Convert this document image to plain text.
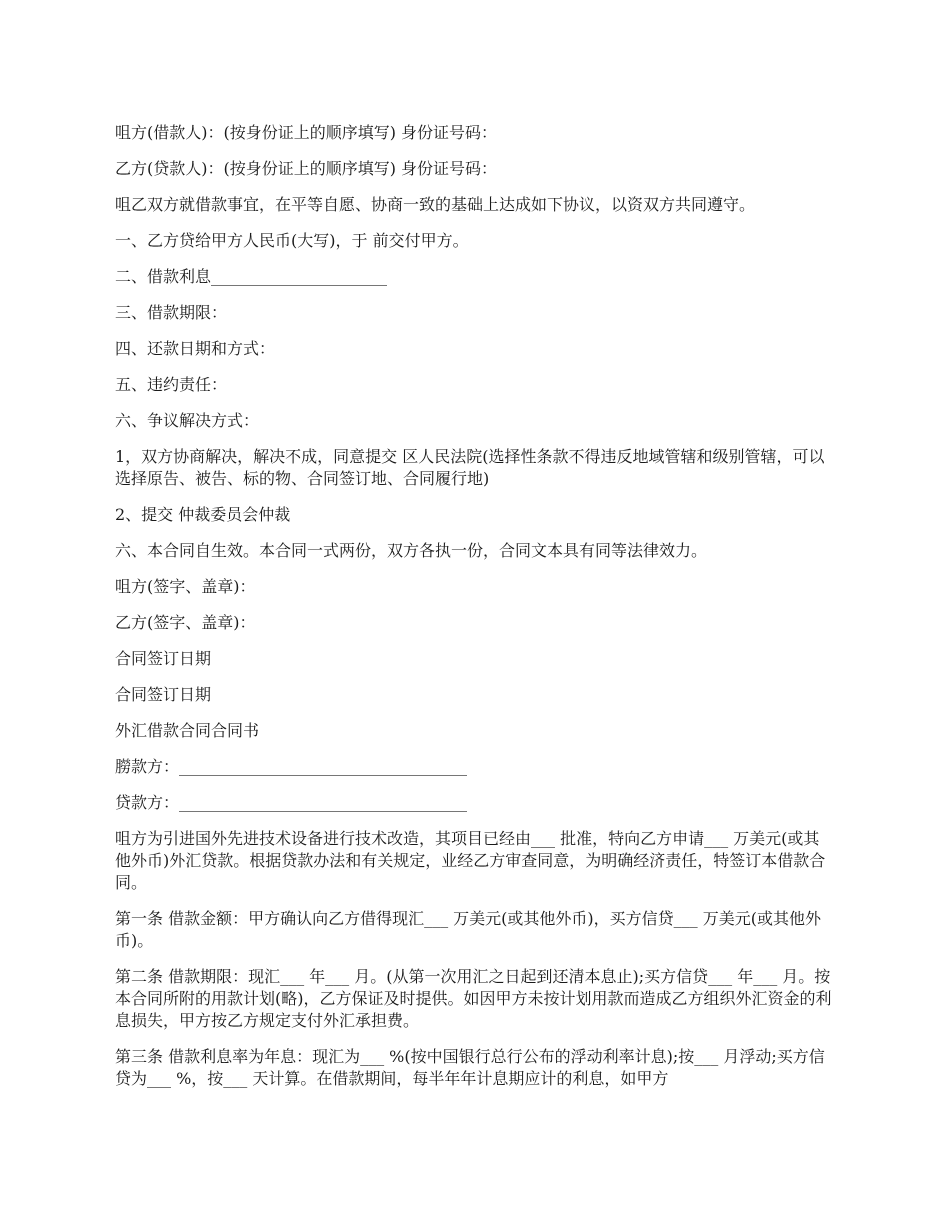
咀方(借款人)：(按身份证上的顺序填写) 身份证号码：

乙方(贷款人)：(按身份证上的顺序填写) 身份证号码：

咀乙双方就借款事宜，在平等自愿、协商一致的基础上达成如下协议，以资双方共同遵守。

一、乙方贷给甲方人民币(大写)，于 前交付甲方。

二、借款利息______________________

三、借款期限：

四、还款日期和方式：

五、违约责任：

六、争议解决方式：

1，双方协商解决，解决不成，同意提交 区人民法院(选择性条款不得违反地域管辖和级别管辖，可以选择原告、被告、标的物、合同签订地、合同履行地)

2、提交 仲裁委员会仲裁

六、本合同自生效。本合同一式两份，双方各执一份，合同文本具有同等法律效力。

咀方(签字、盖章)：

乙方(签字、盖章)：

合同签订日期

合同签订日期

外汇借款合同合同书

朥款方：____________________________________

贷款方：____________________________________

咀方为引进国外先进技术设备进行技术改造，其项目已经由___ 批准，特向乙方申请___ 万美元(或其他外币)外汇贷款。根据贷款办法和有关规定，业经乙方审查同意，为明确经济责任，特签订本借款合同。

第一条 借款金额：甲方确认向乙方借得现汇___ 万美元(或其他外币)，买方信贷___ 万美元(或其他外币)。

第二条 借款期限：现汇___ 年___ 月。(从第一次用汇之日起到还清本息止);买方信贷___ 年___ 月。按本合同所附的用款计划(略)，乙方保证及时提供。如因甲方未按计划用款而造成乙方组织外汇资金的利息损失，甲方按乙方规定支付外汇承担费。

第三条 借款利息率为年息：现汇为___ %(按中国银行总行公布的浮动利率计息);按___ 月浮动;买方信贷为___ %，按___ 天计算。在借款期间，每半年年计息期应计的利息，如甲方
